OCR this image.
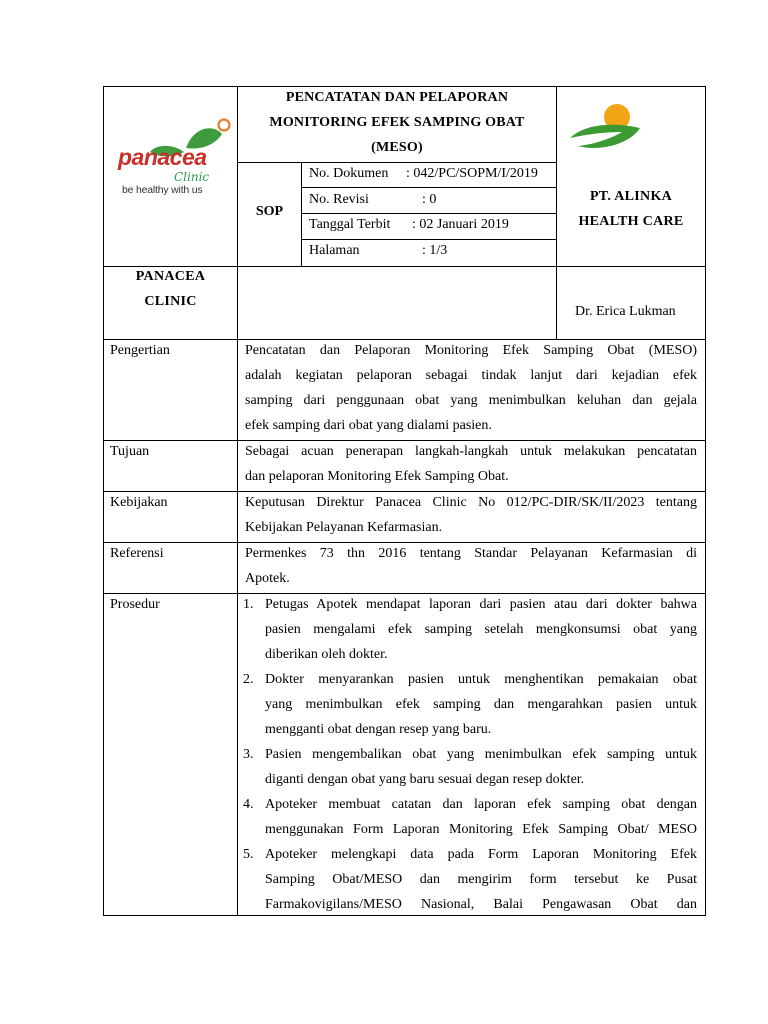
panacea
Clinic
be healthy with us
PENCATATAN DAN PELAPORAN
MONITORING EFEK SAMPING OBAT
(MESO)
SOP
No. Dokumen : 042/PC/SOPM/I/2019
No. Revisi	: 0
Tanggal Terbit : 02 Januari 2019
Halaman	: 1/3
PT. ALINKA
HEALTH CARE
PANACEA
CLINIC
Dr. Erica Lukman
Pengertian	Pencatatan dan Pelaporan Monitoring Efek Samping Obat (MESO)
adalah kegiatan pelaporan sebagai tindak lanjut dari kejadian efek
samping dari penggunaan obat yang menimbulkan keluhan dan gejala
efek samping dari obat yang dialami pasien.
Tujuan	Sebagai acuan penerapan langkah-langkah untuk melakukan pencatatan
dan pelaporan Monitoring Efek Samping Obat.
Kebijakan	Keputusan Direktur Panacea Clinic No 012/PC-DIR/SK/II/2023 tentang
Kebijakan Pelayanan Kefarmasian.
Referensi	Permenkes 73 thn 2016 tentang Standar Pelayanan Kefarmasian di
Apotek.
Prosedur	1. Petugas Apotek mendapat laporan dari pasien atau dari dokter bahwa
pasien mengalami efek samping setelah mengkonsumsi obat yang
diberikan oleh dokter.
2. Dokter menyarankan pasien untuk menghentikan pemakaian obat
yang menimbulkan efek samping dan mengarahkan pasien untuk
mengganti obat dengan resep yang baru.
3. Pasien mengembalikan obat yang menimbulkan efek samping untuk
diganti dengan obat yang baru sesuai degan resep dokter.
4. Apoteker membuat catatan dan laporan efek samping obat dengan
menggunakan Form Laporan Monitoring Efek Samping Obat/ MESO
5. Apoteker melengkapi data pada Form Laporan Monitoring Efek
Samping Obat/MESO dan mengirim form tersebut ke Pusat
Farmakovigilans/MESO Nasional, Balai Pengawasan Obat dan
